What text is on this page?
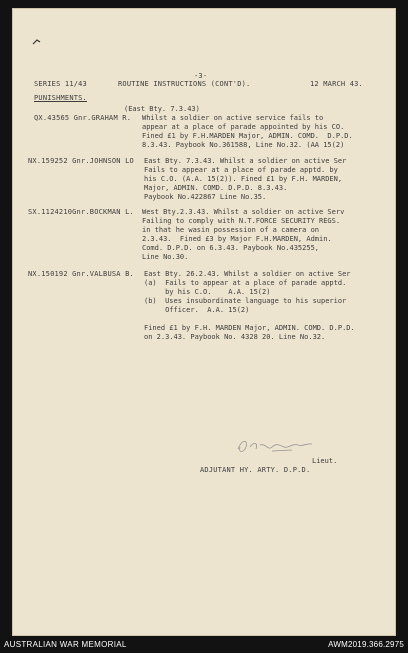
-3-
SERIES 11/43	ROUTINE INSTRUCTIONS (CONT'D).	12 MARCH 43.
PUNISHMENTS.
(East Bty. 7.3.43)
QX.43565 Gnr.GRAHAM R. Whilst a soldier on active service fails to
appear at a place of parade appointed by his CO.
Fined £1 by F.H.MARDEN Major, ADMIN. COMD.  D.P.D.
8.3.43. Paybook No.361588, Line No.32. (AA 15(2)
NX.159252 Gnr.JOHNSON LO East Bty. 7.3.43. Whilst a soldier on active Ser
Fails to appear at a place of parade apptd. by
his C.O. (A.A. 15(2)). Fined £1 by F.H. MARDEN,
Major, ADMIN. COMD. D.P.D. 8.3.43.
Paybook No.422867 Line No.35.
SX.1124210Gnr.BOCKMAN L. West Bty.2.3.43. Whilst a soldier on active Serv
Failing to comply with N.T.FORCE SECURITY REGS.
in that he wasin possession of a camera on
2.3.43.  Fined £3 by Major F.H.MARDEN, Admin.
Comd. D.P.D. on 6.3.43. Paybook No.435255,
Line No.30.
NX.150192 Gnr.VALBUSA B. East Bty. 26.2.43. Whilst a soldier on active Ser
(a)  Fails to appear at a place of parade apptd.
by his C.O.    A.A. 15(2)
(b)  Uses insubordinate language to his superior
Officer.  A.A. 15(2)
Fined £1 by F.H. MARDEN Major, ADMIN. COMD. D.P.D.
on 2.3.43. Paybook No. 4328 20. Line No.32.
Lieut.
ADJUTANT HY. ARTY. D.P.D.
AUSTRALIAN WAR MEMORIAL	AWM2019.366.2975
